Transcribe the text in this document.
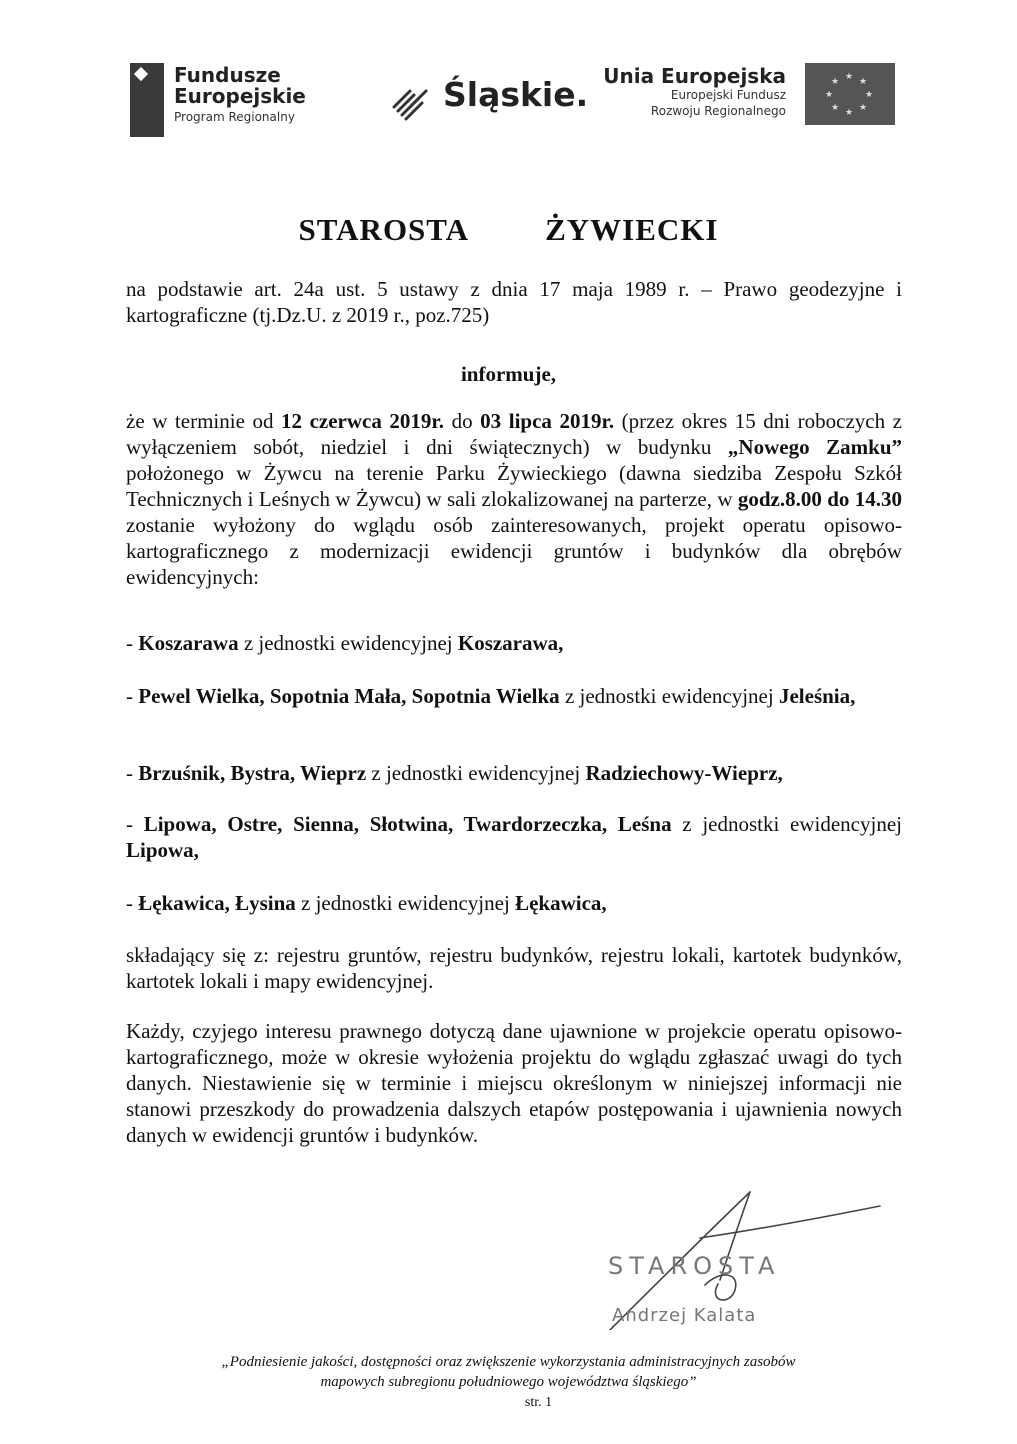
Fundusze
Europejskie
Program Regionalny
Śląskie. Unia Europejska
Europejski Fundusz
Rozwoju Regionalnego
★ ★
★
★
★
★
★
★
STAROSTA ŻYWIECKI

na podstawie art. 24a ust. 5 ustawy z dnia 17 maja 1989 r. – Prawo geodezyjne i kartograficzne (tj.Dz.U. z 2019 r., poz.725)

informuje,

że w terminie od 12 czerwca 2019r. do 03 lipca 2019r. (przez okres 15 dni roboczych z wyłączeniem sobót, niedziel i dni świątecznych) w budynku „Nowego Zamku” położonego w Żywcu na terenie Parku Żywieckiego (dawna siedziba Zespołu Szkół Technicznych i Leśnych w Żywcu) w sali zlokalizowanej na parterze, w godz.8.00 do 14.30 zostanie wyłożony do wglądu osób zainteresowanych, projekt operatu opisowo-kartograficznego z modernizacji ewidencji gruntów i budynków dla obrębów ewidencyjnych:

- Koszarawa z jednostki ewidencyjnej Koszarawa,

- Pewel Wielka, Sopotnia Mała, Sopotnia Wielka z jednostki ewidencyjnej Jeleśnia,

- Brzuśnik, Bystra, Wieprz z jednostki ewidencyjnej Radziechowy-Wieprz,

- Lipowa, Ostre, Sienna, Słotwina, Twardorzeczka, Leśna z jednostki ewidencyjnej Lipowa,

- Łękawica, Łysina z jednostki ewidencyjnej Łękawica,

składający się z: rejestru gruntów, rejestru budynków, rejestru lokali, kartotek budynków, kartotek lokali i mapy ewidencyjnej.

Każdy, czyjego interesu prawnego dotyczą dane ujawnione w projekcie operatu opisowo-kartograficznego, może w okresie wyłożenia projektu do wglądu zgłaszać uwagi do tych danych. Niestawienie się w terminie i miejscu określonym w niniejszej informacji nie stanowi przeszkody do prowadzenia dalszych etapów postępowania i ujawnienia nowych danych w ewidencji gruntów i budynków.

STAROSTA
Andrzej Kalata
„Podniesienie jakości, dostępności oraz zwiększenie wykorzystania administracyjnych zasobów
mapowych subregionu południowego województwa śląskiego”
str. 1
